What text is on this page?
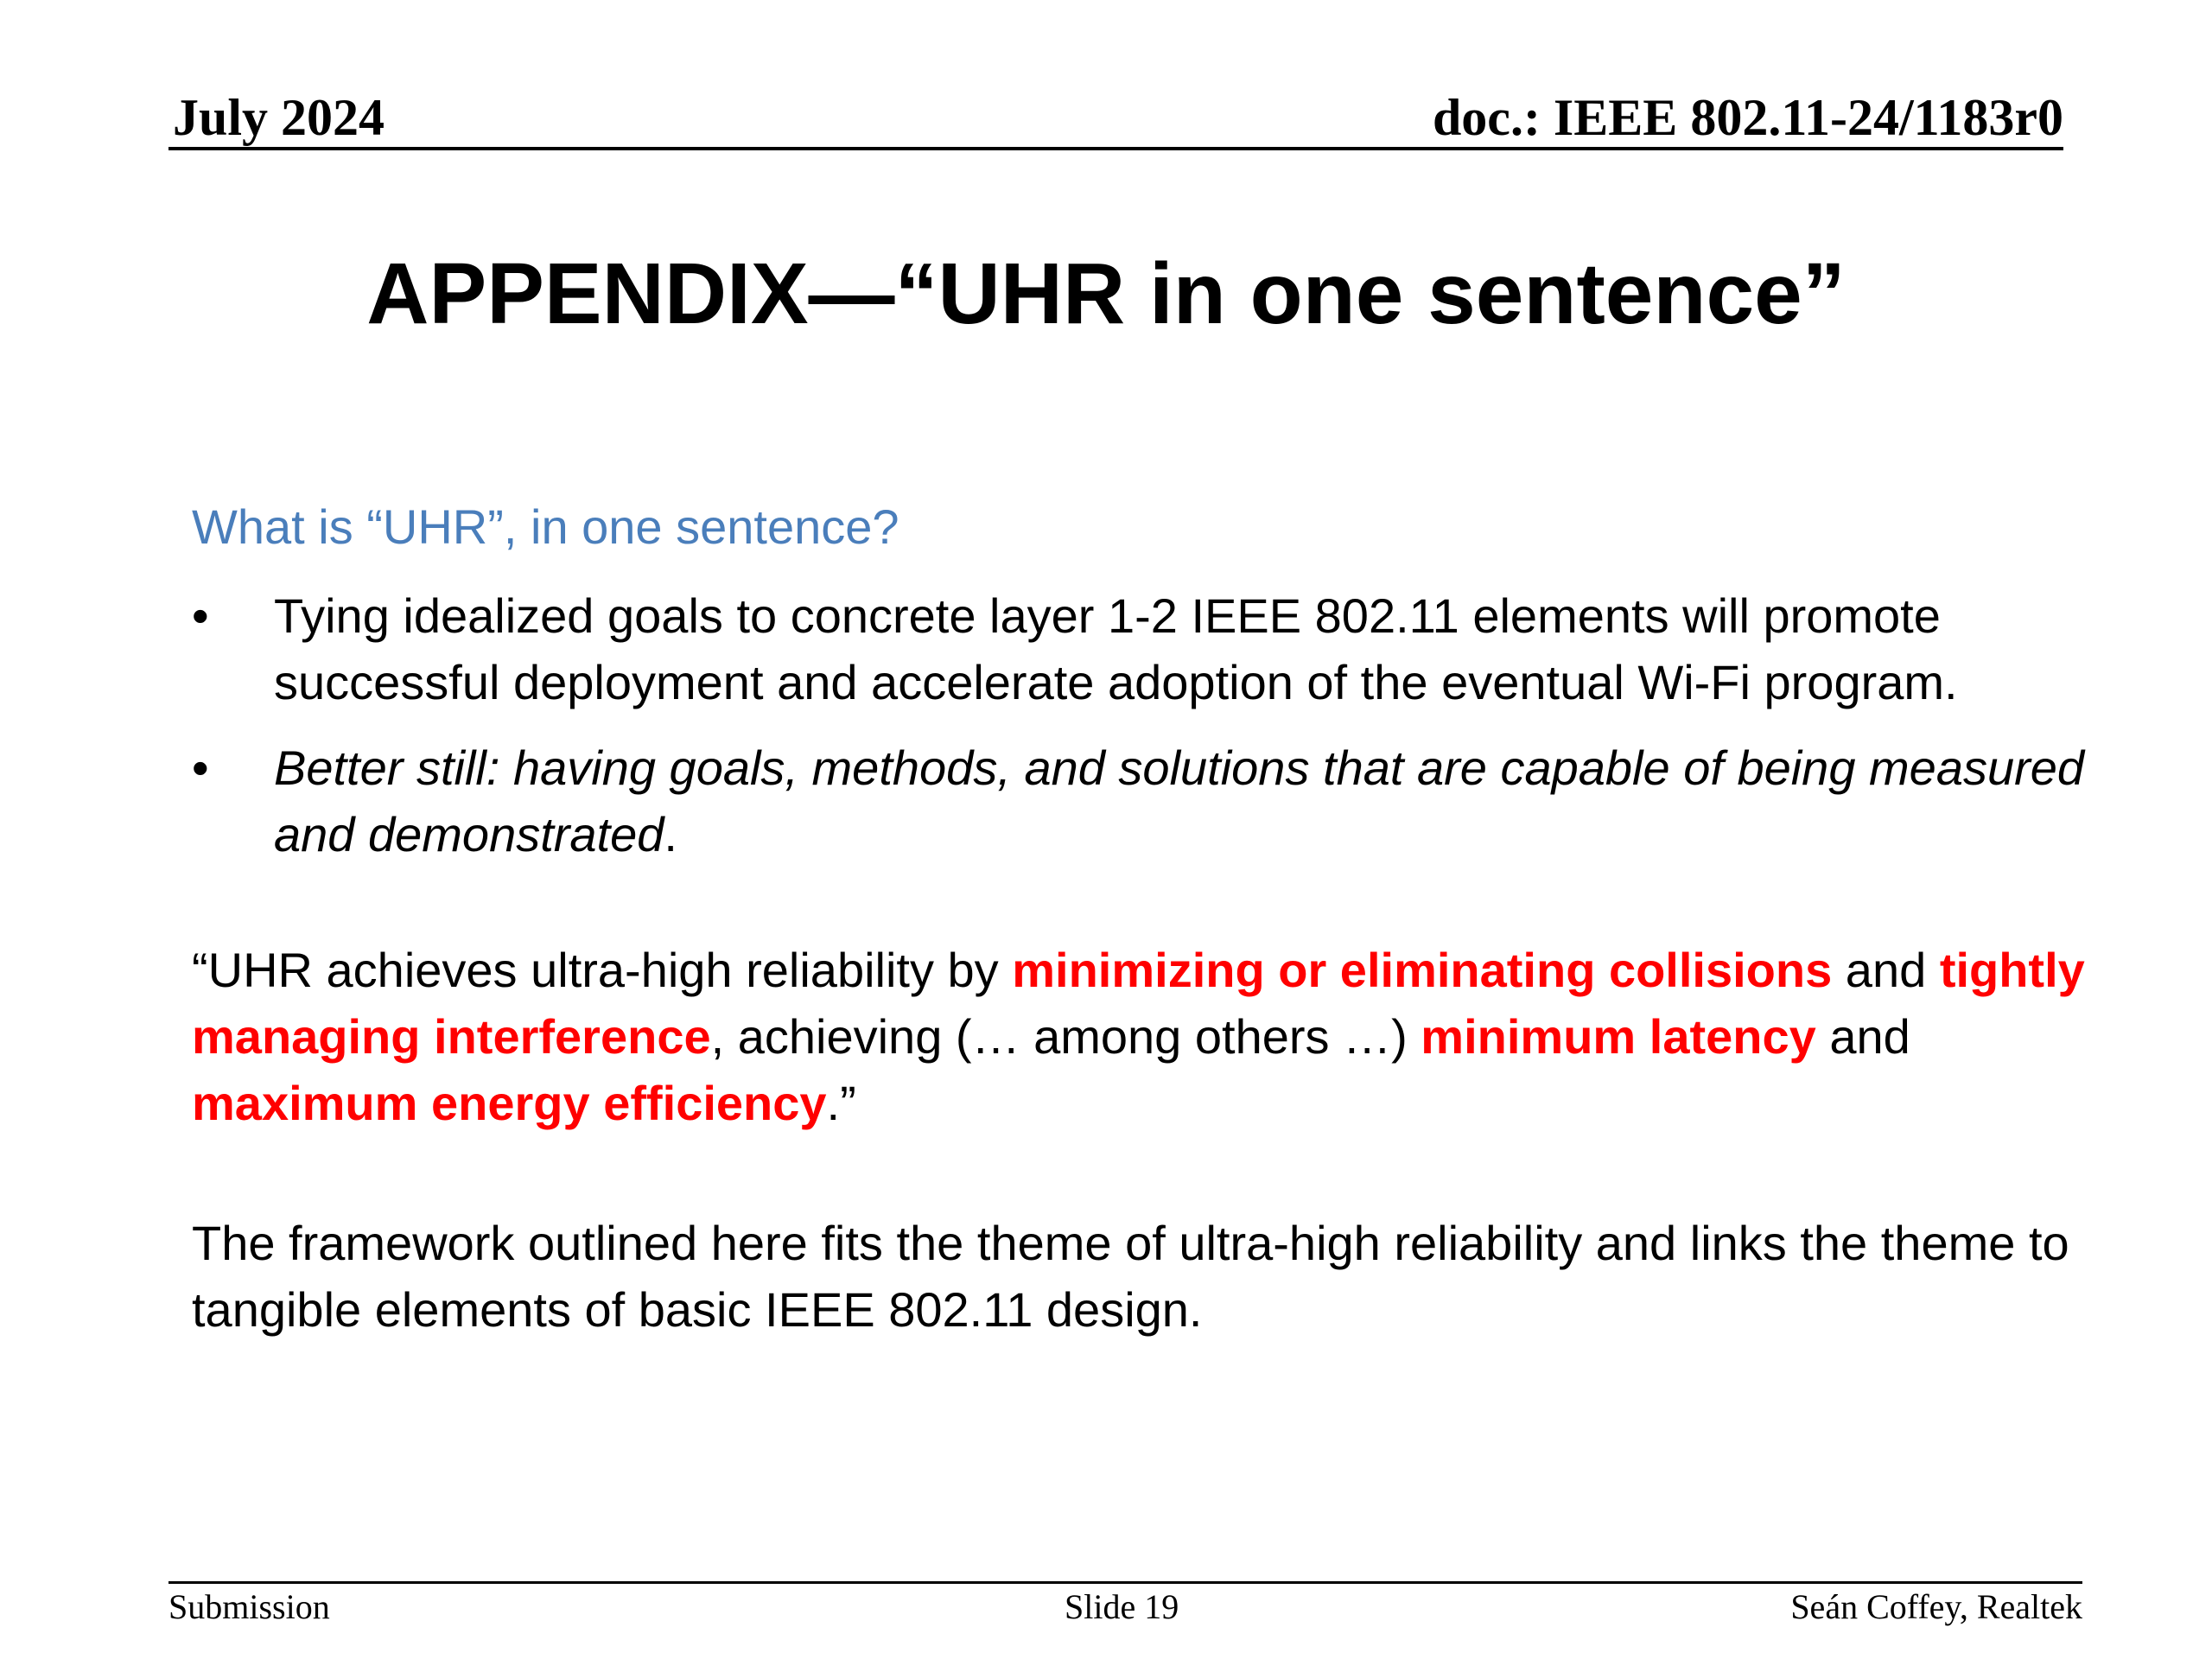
July 2024	doc.: IEEE 802.11-24/1183r0
APPENDIX—“UHR in one sentence”
What is “UHR”, in one sentence?
•	Tying idealized goals to concrete layer 1-2 IEEE 802.11 elements will promote successful deployment and accelerate adoption of the eventual Wi-Fi program.
•	Better still: having goals, methods, and solutions that are capable of being measured and demonstrated.

“UHR achieves ultra-high reliability by minimizing or eliminating collisions and tightly managing interference, achieving (… among others …) minimum latency and maximum energy efficiency.”

The framework outlined here fits the theme of ultra-high reliability and links the theme to tangible elements of basic IEEE 802.11 design.

Submission	Slide 19	Seán Coffey, Realtek
